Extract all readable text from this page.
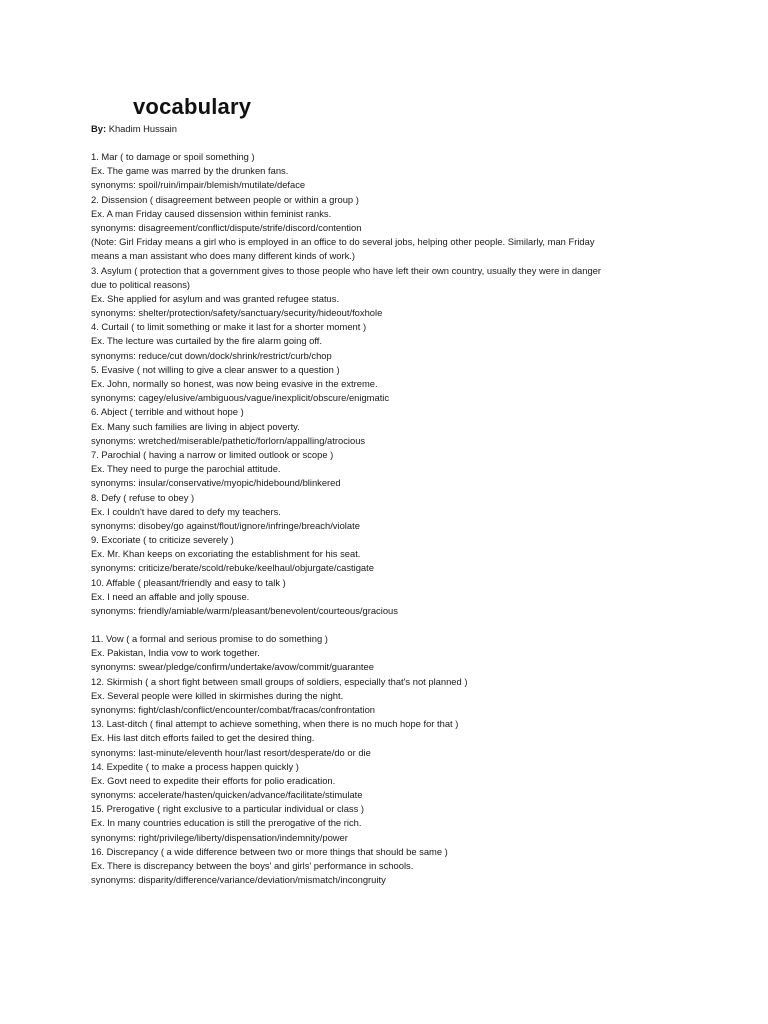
vocabulary
By: Khadim Hussain
1. Mar ( to damage or spoil something )
Ex. The game was marred by the drunken fans.
synonyms: spoil/ruin/impair/blemish/mutilate/deface
2. Dissension ( disagreement between people or within a group )
Ex. A man Friday caused dissension within feminist ranks.
synonyms: disagreement/conflict/dispute/strife/discord/contention
(Note: Girl Friday means a girl who is employed in an office to do several jobs, helping other people. Similarly, man Friday
means a man assistant who does many different kinds of work.)
3. Asylum ( protection that a government gives to those people who have left their own country, usually they were in danger
due to political reasons)
Ex. She applied for asylum and was granted refugee status.
synonyms: shelter/protection/safety/sanctuary/security/hideout/foxhole
4. Curtail ( to limit something or make it last for a shorter moment )
Ex. The lecture was curtailed by the fire alarm going off.
synonyms: reduce/cut down/dock/shrink/restrict/curb/chop
5. Evasive ( not willing to give a clear answer to a question )
Ex. John, normally so honest, was now being evasive in the extreme.
synonyms: cagey/elusive/ambiguous/vague/inexplicit/obscure/enigmatic
6. Abject ( terrible and without hope )
Ex. Many such families are living in abject poverty.
synonyms: wretched/miserable/pathetic/forlorn/appalling/atrocious
7. Parochial ( having a narrow or limited outlook or scope )
Ex. They need to purge the parochial attitude.
synonyms: insular/conservative/myopic/hidebound/blinkered
8. Defy ( refuse to obey )
Ex. I couldn't have dared to defy my teachers.
synonyms: disobey/go against/flout/ignore/infringe/breach/violate
9. Excoriate ( to criticize severely )
Ex. Mr. Khan keeps on excoriating the establishment for his seat.
synonyms: criticize/berate/scold/rebuke/keelhaul/objurgate/castigate
10. Affable ( pleasant/friendly and easy to talk )
Ex. I need an affable and jolly spouse.
synonyms: friendly/amiable/warm/pleasant/benevolent/courteous/gracious
11. Vow ( a formal and serious promise to do something )
Ex. Pakistan, India vow to work together.
synonyms: swear/pledge/confirm/undertake/avow/commit/guarantee
12. Skirmish ( a short fight between small groups of soldiers, especially that's not planned )
Ex. Several people were killed in skirmishes during the night.
synonyms: fight/clash/conflict/encounter/combat/fracas/confrontation
13. Last-ditch ( final attempt to achieve something, when there is no much hope for that )
Ex. His last ditch efforts failed to get the desired thing.
synonyms: last-minute/eleventh hour/last resort/desperate/do or die
14. Expedite ( to make a process happen quickly )
Ex. Govt need to expedite their efforts for polio eradication.
synonyms: accelerate/hasten/quicken/advance/facilitate/stimulate
15. Prerogative ( right exclusive to a particular individual or class )
Ex. In many countries education is still the prerogative of the rich.
synonyms: right/privilege/liberty/dispensation/indemnity/power
16. Discrepancy ( a wide difference between two or more things that should be same )
Ex. There is discrepancy between the boys' and girls' performance in schools.
synonyms: disparity/difference/variance/deviation/mismatch/incongruity
